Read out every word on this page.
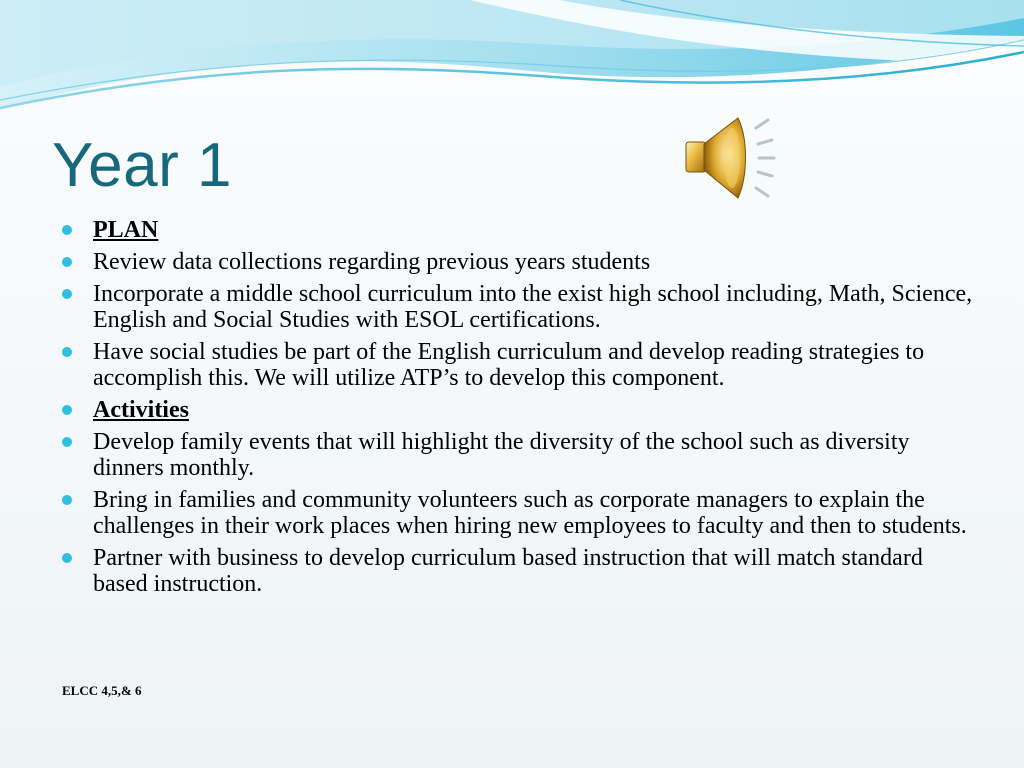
Year 1
PLAN
Review data collections regarding previous years students
Incorporate a middle school curriculum into the exist high school including, Math, Science, English and Social Studies with ESOL certifications.
Have social studies be part of the English curriculum and develop reading strategies to accomplish this. We will utilize ATP’s to develop this component.
Activities
Develop family events that will highlight the diversity of the school such as diversity dinners monthly.
Bring in families and community volunteers such as corporate managers to explain the challenges in their work places when hiring new employees to faculty and then to students.
Partner with business to develop curriculum based instruction that will match standard based instruction.
ELCC 4,5,& 6
